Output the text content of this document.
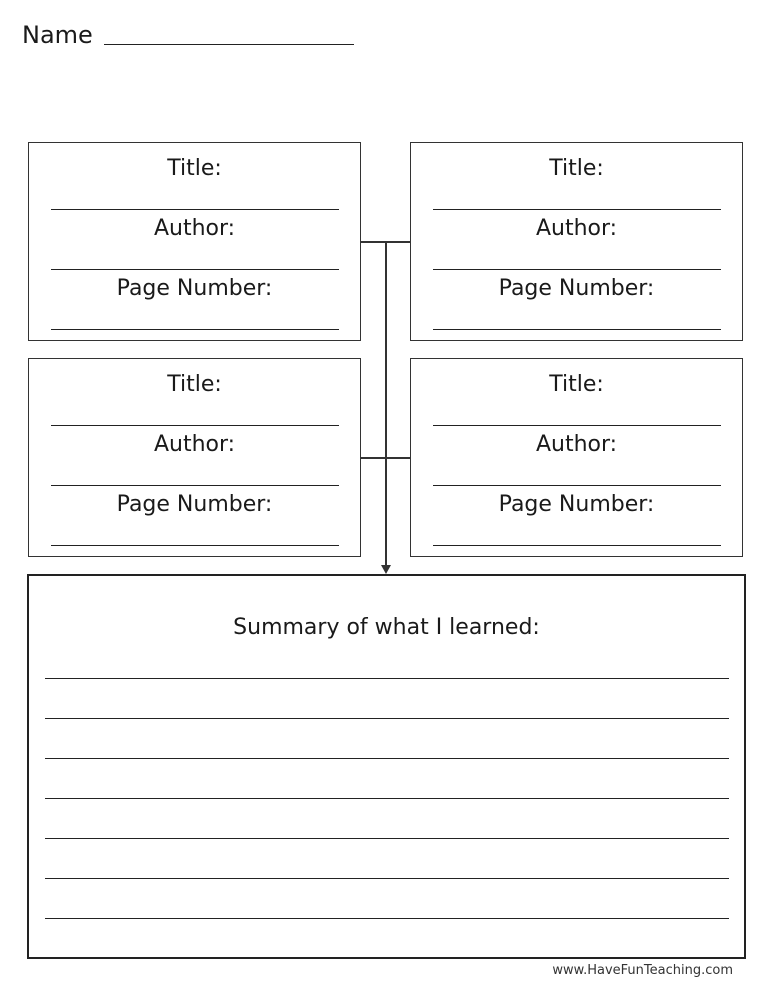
Name
Title:
Author:
Page Number:
Title:
Author:
Page Number:
Title:
Author:
Page Number:
Title:
Author:
Page Number:
Summary of what I learned:
www.HaveFunTeaching.com
